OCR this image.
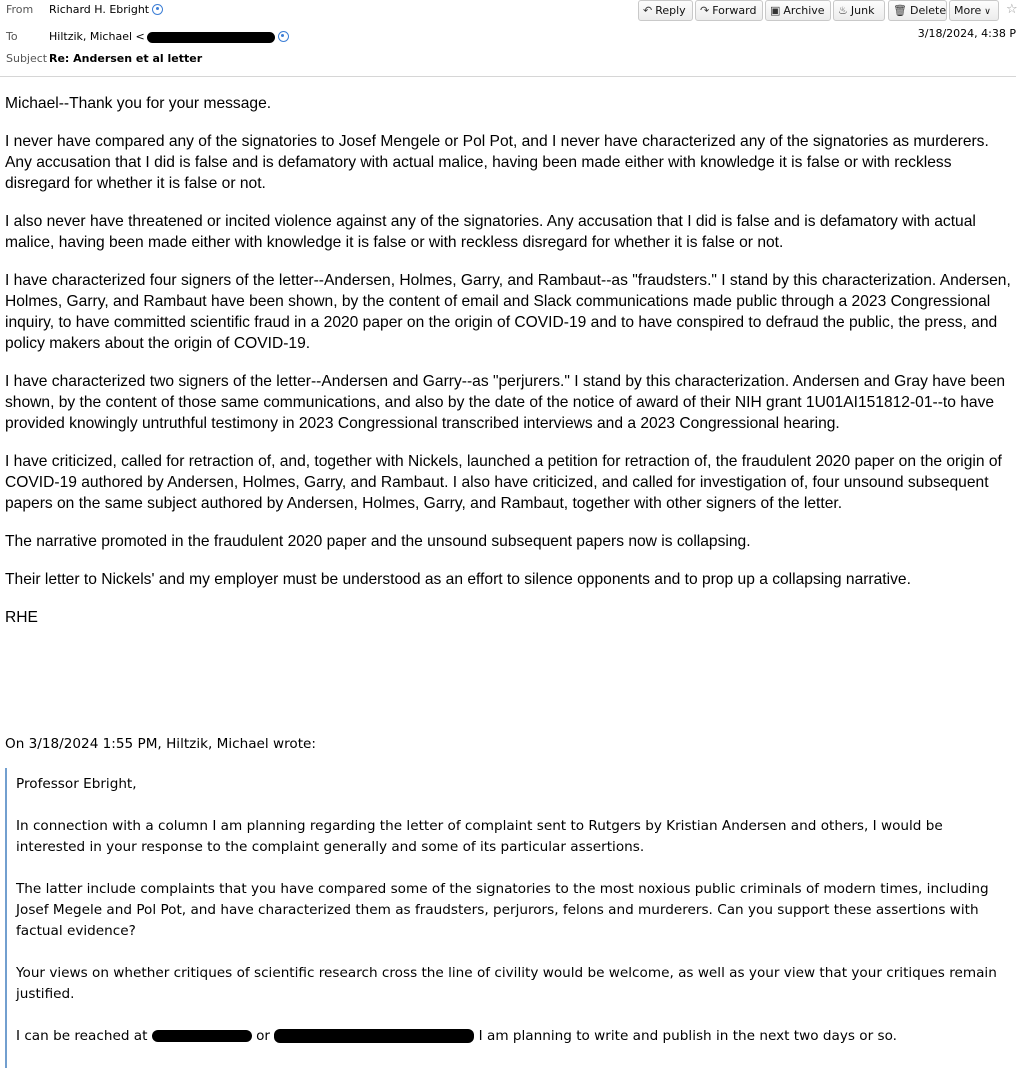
From	Richard H. Ebright
To	Hiltzik, Michael <
Subject Re: Andersen et al letter
↶ Reply	↷ Forward	▣ Archive	♨ Junk	🗑 Delete More ∨	☆
3/18/2024, 4:38 P

Michael--Thank you for your message.

I never have compared any of the signatories to Josef Mengele or Pol Pot, and I never have characterized any of the signatories as murderers. Any accusation that I did is false and is defamatory with actual malice, having been made either with knowledge it is false or with reckless disregard for whether it is false or not.

I also never have threatened or incited violence against any of the signatories. Any accusation that I did is false and is defamatory with actual malice, having been made either with knowledge it is false or with reckless disregard for whether it is false or not.

I have characterized four signers of the letter--Andersen, Holmes, Garry, and Rambaut--as "fraudsters." I stand by this characterization. Andersen, Holmes, Garry, and Rambaut have been shown, by the content of email and Slack communications made public through a 2023 Congressional inquiry, to have committed scientific fraud in a 2020 paper on the origin of COVID-19 and to have conspired to defraud the public, the press, and policy makers about the origin of COVID-19.

I have characterized two signers of the letter--Andersen and Garry--as "perjurers." I stand by this characterization. Andersen and Gray have been shown, by the content of those same communications, and also by the date of the notice of award of their NIH grant 1U01AI151812-01--to have provided knowingly untruthful testimony in 2023 Congressional transcribed interviews and a 2023 Congressional hearing.

I have criticized, called for retraction of, and, together with Nickels, launched a petition for retraction of, the fraudulent 2020 paper on the origin of COVID-19 authored by Andersen, Holmes, Garry, and Rambaut. I also have criticized, and called for investigation of, four unsound subsequent papers on the same subject authored by Andersen, Holmes, Garry, and Rambaut, together with other signers of the letter.

The narrative promoted in the fraudulent 2020 paper and the unsound subsequent papers now is collapsing.

Their letter to Nickels' and my employer must be understood as an effort to silence opponents and to prop up a collapsing narrative.

RHE

On 3/18/2024 1:55 PM, Hiltzik, Michael wrote:

Professor Ebright,

In connection with a column I am planning regarding the letter of complaint sent to Rutgers by Kristian Andersen and others, I would be interested in your response to the complaint generally and some of its particular assertions.

The latter include complaints that you have compared some of the signatories to the most noxious public criminals of modern times, including Josef Megele and Pol Pot, and have characterized them as fraudsters, perjurors, felons and murderers. Can you support these assertions with factual evidence?

Your views on whether critiques of scientific research cross the line of civility would be welcome, as well as your view that your critiques remain justified.

I can be reached at	or	I am planning to write and publish in the next two days or so.
